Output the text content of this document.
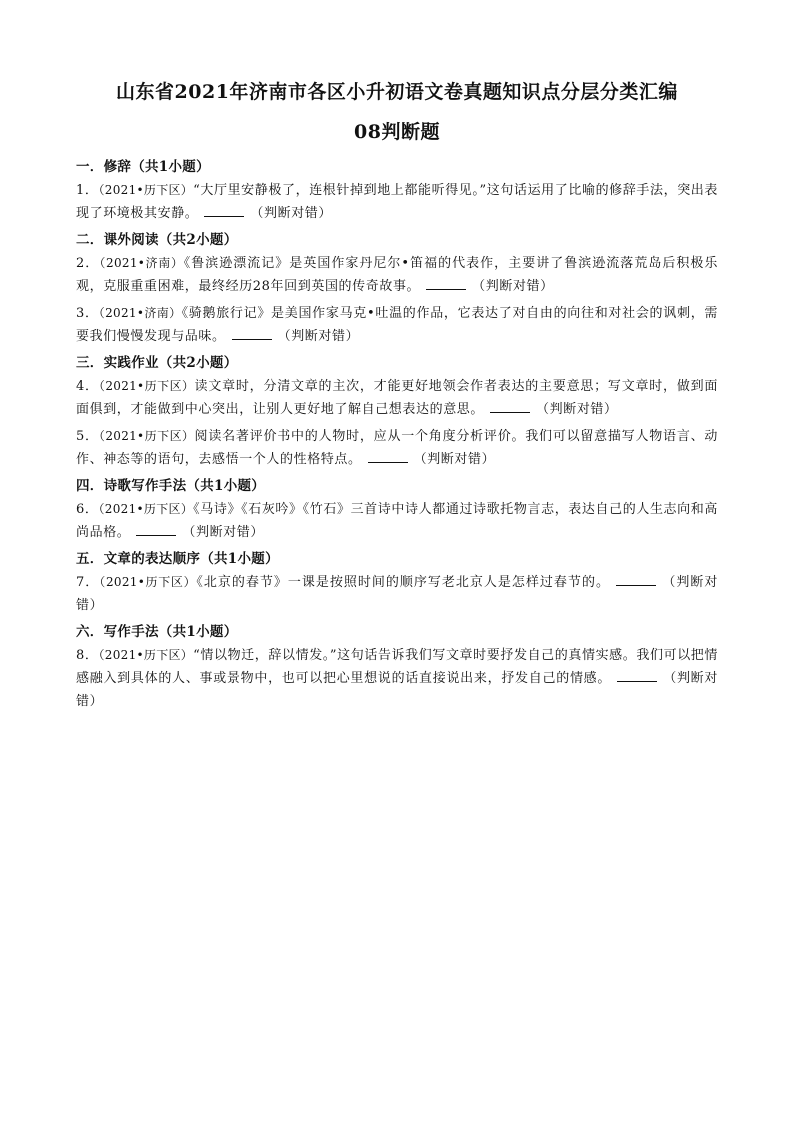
山东省2021年济南市各区小升初语文卷真题知识点分层分类汇编
08判断题

一．修辞（共1小题）

1．（2021•历下区）“大厅里安静极了，连根针掉到地上都能听得见。”这句话运用了比喻的修辞手法，突出表现了环境极其安静。	（判断对错）

二．课外阅读（共2小题）

2．（2021•济南）《鲁滨逊漂流记》是英国作家丹尼尔•笛福的代表作，主要讲了鲁滨逊流落荒岛后积极乐观，克服重重困难，最终经历28年回到英国的传奇故事。	（判断对错）

3．（2021•济南）《骑鹅旅行记》是美国作家马克•吐温的作品，它表达了对自由的向往和对社会的讽刺，需要我们慢慢发现与品味。	（判断对错）

三．实践作业（共2小题）

4．（2021•历下区）读文章时，分清文章的主次，才能更好地领会作者表达的主要意思；写文章时，做到面面俱到，才能做到中心突出，让别人更好地了解自己想表达的意思。	（判断对错）

5．（2021•历下区）阅读名著评价书中的人物时，应从一个角度分析评价。我们可以留意描写人物语言、动作、神态等的语句，去感悟一个人的性格特点。	（判断对错）

四．诗歌写作手法（共1小题）

6．（2021•历下区）《马诗》《石灰吟》《竹石》三首诗中诗人都通过诗歌托物言志，表达自己的人生志向和高尚品格。	（判断对错）

五．文章的表达顺序（共1小题）

7．（2021•历下区）《北京的春节》一课是按照时间的顺序写老北京人是怎样过春节的。	（判断对错）

六．写作手法（共1小题）

8．（2021•历下区）“情以物迁，辞以情发。”这句话告诉我们写文章时要抒发自己的真情实感。我们可以把情感融入到具体的人、事或景物中，也可以把心里想说的话直接说出来，抒发自己的情感。	（判断对错）
